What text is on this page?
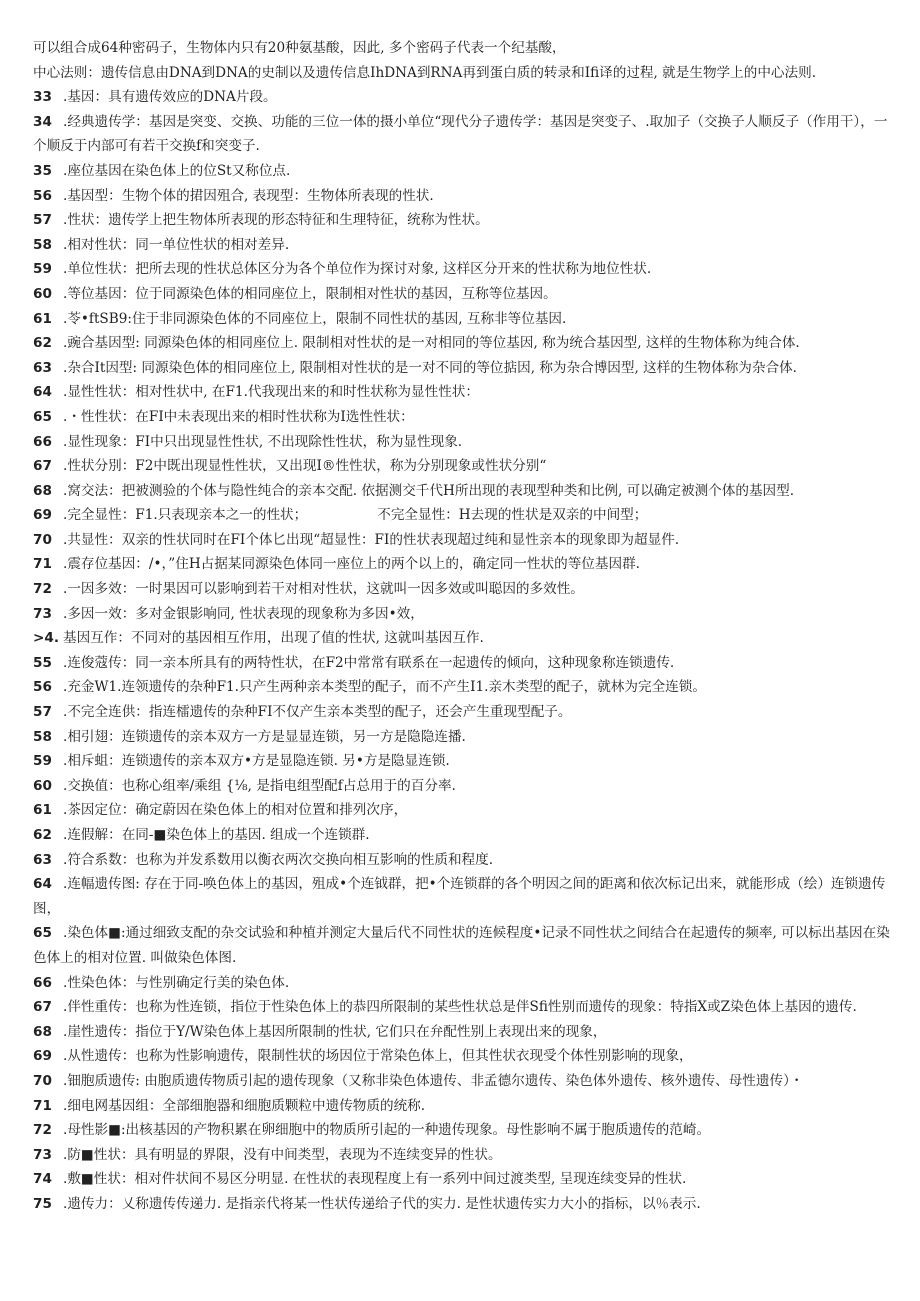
可以组合成64种密码子，生物体内只有20种氨基酸，因此, 多个密码子代表一个纪基酸，

中心法则：遗传信息由DNA到DNA的史制以及遗传信息IhDNA到RNA再到蛋白质的转录和Ifi译的过程, 就是生物学上的中心法则.

33 .基因：具有遗传效应的DNA片段。

34 .经典遗传学：基因是突变、交换、功能的三位一体的摄小单位“现代分子遗传学：基因是突变子、.取加子（交换子人顺反子（作用干），一个顺反于内部可有若干交换f和突变子.

35 .座位基因在染色体上的位St又称位点.

56 .基因型：生物个体的捃因殂合, 表现型：生物体所表现的性状.

57 .性状：遗传学上把生物体所表现的形态特征和生理特征，统称为性状。

58 .相对性状：同一单位性状的相对差异.

59 .单位性状：把所去现的性状总体区分为各个单位作为探讨对象, 这样区分开来的性状称为地位性状.

60 .等位基因：位于同源染色体的相同座位上，限制相对性状的基因，互称等位基因。

61 .苓•ftSB9:住于非同源染色体的不同座位上，限制不同性状的基因, 互称非等位基因.

62 .豌合基因型: 同源染色体的相同座位上. 限制相对性状的是一对相同的等位基因, 称为统合基因型, 这样的生物体称为纯合体.

63 .杂合It因型: 同源染色体的相同座位上, 限制相对性状的是一对不同的等位掂因, 称为杂合博因型, 这样的生物体称为杂合体.

64 .显性性状：相对性状中, 在F1.代我现出来的和时性状称为显性性状：

65 .・性性状：在FI中未表现出来的相时性状称为I选性性状：

66 .显性现象：FI中只出现显性性状, 不出现除性性状，称为显性现象.

67 .性状分別：F2中既出现显性性状，又出现I®性性状，称为分别现象或性状分别“

68 .窝交法：把被测验的个体与隐性纯合的亲本交配. 依据测交千代H所出现的表现型种类和比例, 可以确定被测个体的基因型.

69 .完全显性：F1.只表现亲本之一的性状；	不完全显性：H去现的性状是双亲的中间型；

70 .共显性：双亲的性状同时在FI个体匕出现“超显性：FI的性状表现超过纯和显性亲本的现象即为超显件.

71 .震存位基因：/•，”住H占据某同源染色体同一座位上的两个以上的，确定同一性状的等位基因群.

72 .一因多效：一时果因可以影响到若干对相对性状，这就叫一因多效或叫聪因的多效性。

73 .多因一效：多对金银影响同, 性状表现的现象称为多因•效，

>4. 基因互作：不同对的基因相互作用，出现了值的性状, 这就叫基因互作.

55 .连俊蔻传：同一亲本所具有的两特性状，在F2中常常有联系在一起遗传的倾向，这种现象称连锁遗传.

56 .充金W1.连领遗传的杂种F1.只产生两种亲本类型的配子，而不产生I1.亲木类型的配子，就林为完全连锁。

57 .不完全连供：指连檑遗传的杂种FI不仅产生亲本类型的配子，还会产生重现型配子。

58 .相引翅：连锁遗传的亲本双方一方是显显连锁，另一方是隐隐连播.

59 .相斥蛆：连锁遗传的亲本双方•方是显隐连锁. 另•方是隐显连锁.

60 .交换值：也称心组率/乘组 {⅛, 是指电组型配f占总用于的百分率.

61 .茶因定位：确定蔚因在染色体上的相对位置和排列次序，

62 .连假解：在同-■染色体上的基因. 组成一个连锁群.

63 .符合系数：也称为并发系数用以衡衣两次交换向相互影响的性质和程度.

64 .连幅遗传图: 存在于同-唤色体上的基因，殂成•个连钺群，把•个连锁群的各个明因之间的距离和依次标记出来，就能形成（绘）连锁遗传图，

65 .染色体■:通过细致支配的杂交试验和种植并测定大量后代不同性状的连候程度•记录不同性状之间结合在起遗传的频率, 可以标出基因在染色体上的相对位置. 叫做染色体图.

66 .性染色体：与性别确定行美的染色体.

67 .伴性重传：也称为性连锁，指位于性染色体上的恭四所限制的某些性状总是伴Sfi性别而遗传的现象：特指X或Z染色体上基因的遗传.

68 .崖性遗传：指位于Y/W染色体上基因所限制的性状, 它们只在弁配性别上表现出来的现象，

69 .从性遗传：也称为性影响遗传，限制性状的场因位于常染色体上，但其性状衣现受个体性别影响的现象，

70 .钿胞质遗传: 由胞质遗传物质引起的遗传现象（又称非染色体遗传、非孟德尔遗传、染色体外遗传、核外遗传、母性遗传）・

71 .细电网基因组：全部细胞器和细胞质颗粒中遗传物质的统称.

72 .母性影■:出核基因的产物积累在卵细胞中的物质所引起的一种遗传现象。母性影响不属于胞质遗传的范崎。

73 .防■性状：具有明显的界限，没有中间类型，表现为不连续变异的性状。

74 .敷■性状：相对件状间不易区分明显. 在性状的表现程度上有一系列中间过渡类型, 呈现连续变异的性状.

75 .遗传力：乂称遗传传递力. 是指亲代将某一性状传递给子代的实力. 是性状遗传实力大小的指标，以％表示.
